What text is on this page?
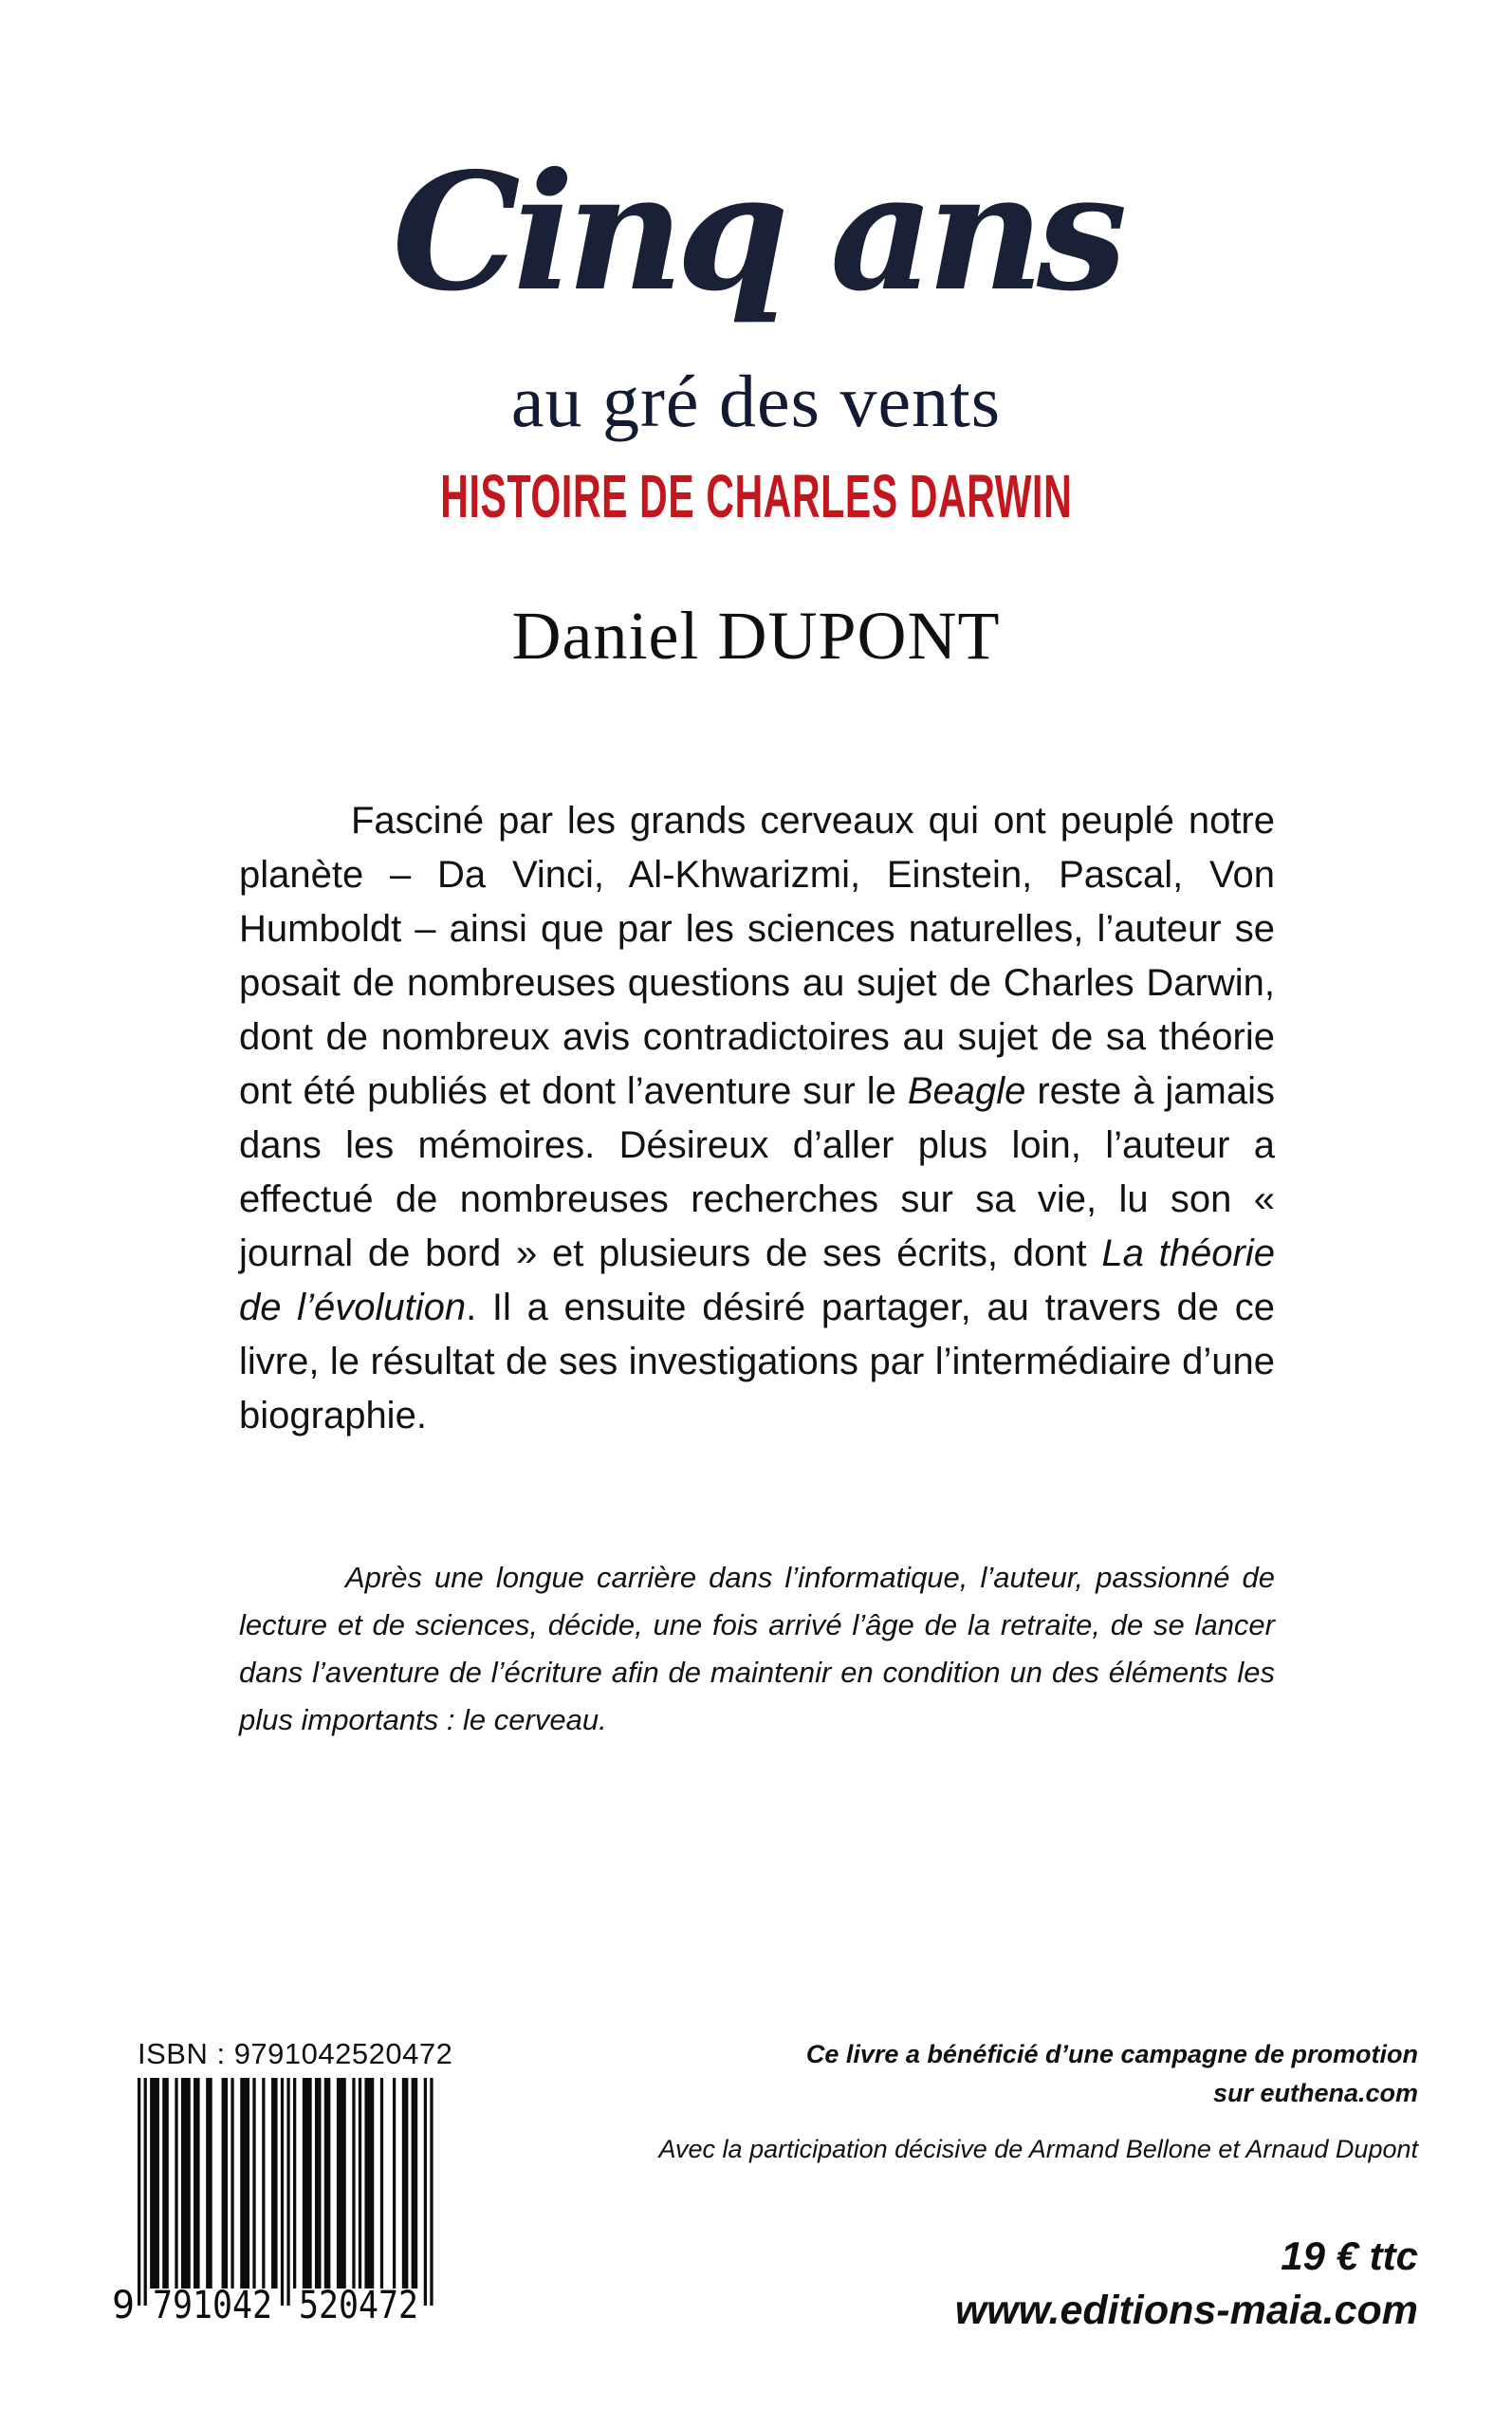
Cinq ans
au gré des vents
HISTOIRE DE CHARLES DARWIN
Daniel DUPONT

Fasciné par les grands cerveaux qui ont peuplé notre planète – Da Vinci, Al-Khwarizmi, Einstein, Pascal, Von Humboldt – ainsi que par les sciences naturelles, l’auteur se posait de nombreuses questions au sujet de Charles Darwin, dont de nombreux avis contradictoires au sujet de sa théorie ont été publiés et dont l’aventure sur le Beagle reste à jamais dans les mémoires. Désireux d’aller plus loin, l’auteur a effectué de nombreuses recherches sur sa vie, lu son « journal de bord » et plusieurs de ses écrits, dont La théorie de l’évolution. Il a ensuite désiré partager, au travers de ce livre, le résultat de ses investigations par l’intermédiaire d’une biographie.

Après une longue carrière dans l’informatique, l’auteur, passionné de lecture et de sciences, décide, une fois arrivé l’âge de la retraite, de se lancer dans l’aventure de l’écriture afin de maintenir en condition un des éléments les plus importants : le cerveau.

ISBN : 9791042520472
9 791042 520472
Ce livre a bénéficié d’une campagne de promotion
sur euthena.com
Avec la participation décisive de Armand Bellone et Arnaud Dupont
19 € ttc
www.editions-maia.com
